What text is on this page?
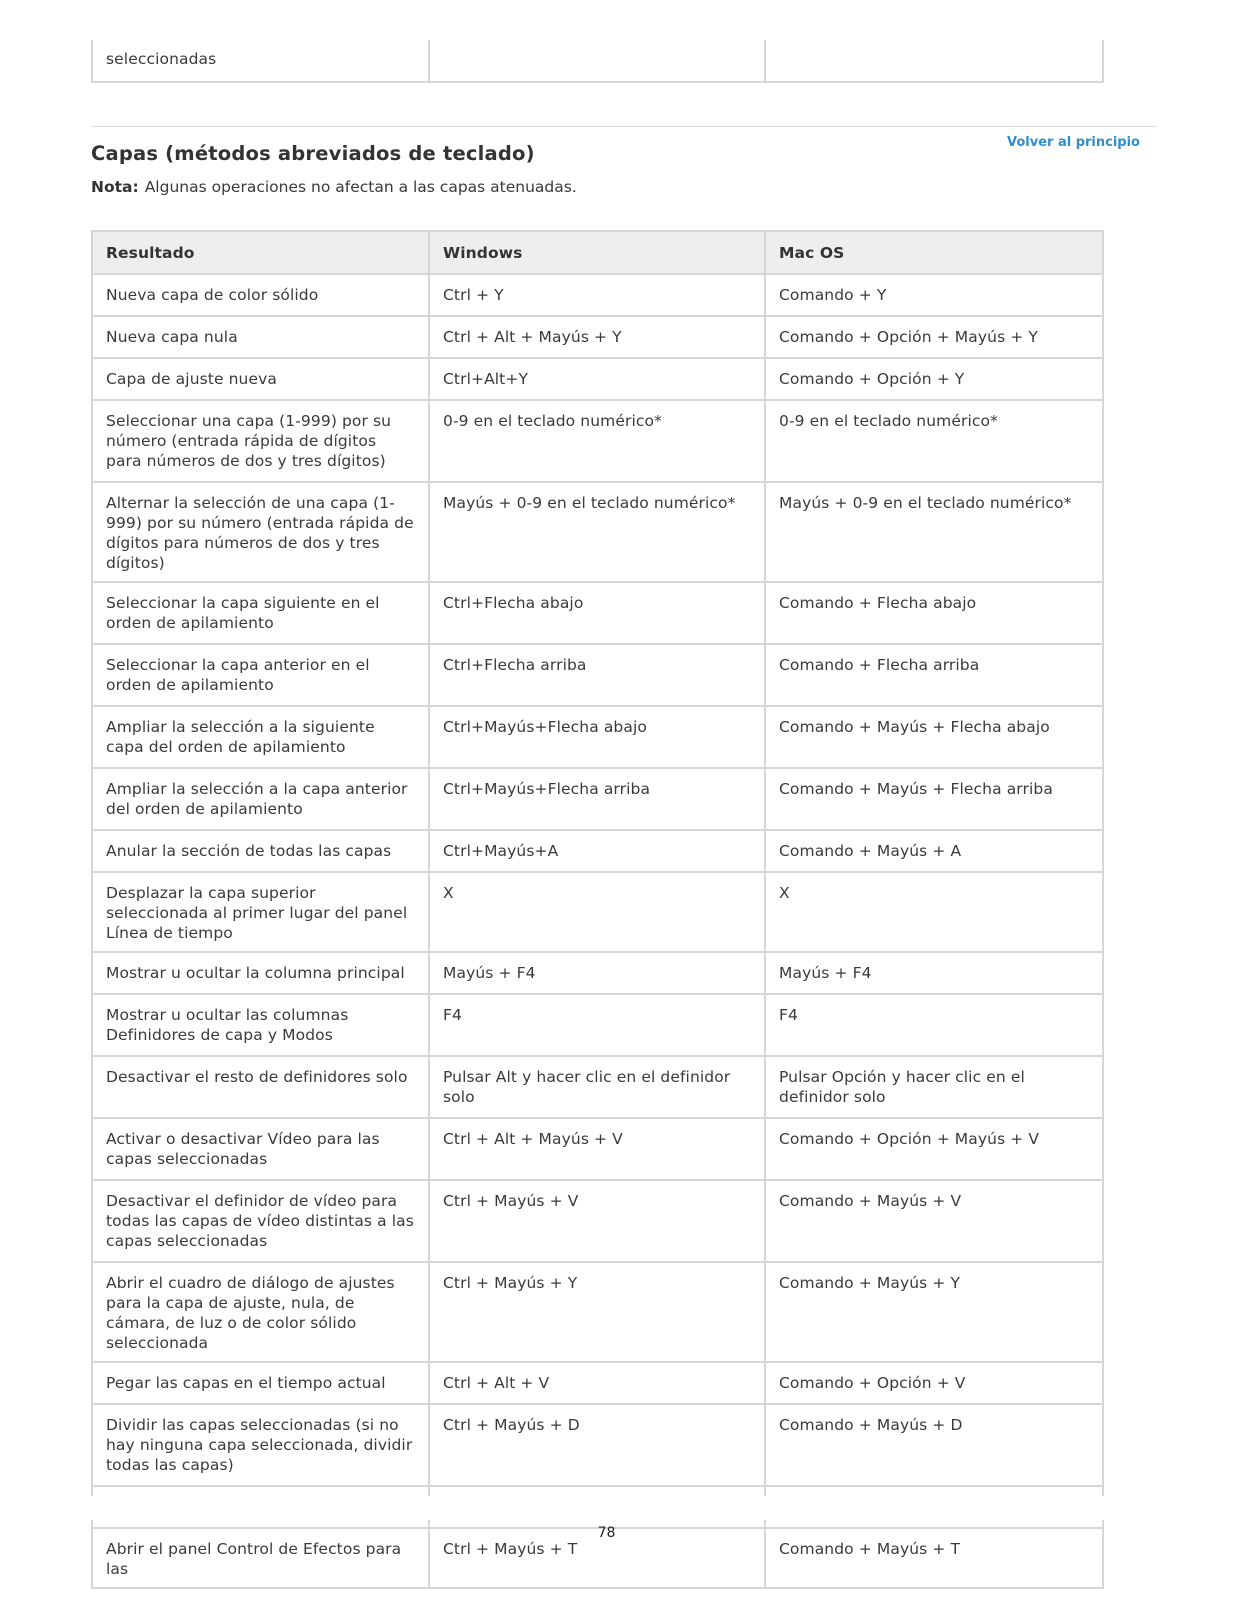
seleccionadas		
Volver al principio
Capas (métodos abreviados de teclado)

Nota: Algunas operaciones no afectan a las capas atenuadas.

Resultado	Windows	Mac OS
Nueva capa de color sólido	Ctrl + Y	Comando + Y
Nueva capa nula	Ctrl + Alt + Mayús + Y	Comando + Opción + Mayús + Y
Capa de ajuste nueva	Ctrl+Alt+Y	Comando + Opción + Y
Seleccionar una capa (1-999) por su número (entrada rápida de dígitos para números de dos y tres dígitos)	0-9 en el teclado numérico*	0-9 en el teclado numérico*
Alternar la selección de una capa (1-999) por su número (entrada rápida de dígitos para números de dos y tres dígitos)	Mayús + 0-9 en el teclado numérico*	Mayús + 0-9 en el teclado numérico*
Seleccionar la capa siguiente en el orden de apilamiento	Ctrl+Flecha abajo	Comando + Flecha abajo
Seleccionar la capa anterior en el orden de apilamiento	Ctrl+Flecha arriba	Comando + Flecha arriba
Ampliar la selección a la siguiente capa del orden de apilamiento	Ctrl+Mayús+Flecha abajo	Comando + Mayús + Flecha abajo
Ampliar la selección a la capa anterior del orden de apilamiento	Ctrl+Mayús+Flecha arriba	Comando + Mayús + Flecha arriba
Anular la sección de todas las capas	Ctrl+Mayús+A	Comando + Mayús + A
Desplazar la capa superior seleccionada al primer lugar del panel Línea de tiempo	X	X
Mostrar u ocultar la columna principal	Mayús + F4	Mayús + F4
Mostrar u ocultar las columnas Definidores de capa y Modos	F4	F4
Desactivar el resto de definidores solo	Pulsar Alt y hacer clic en el definidor solo	Pulsar Opción y hacer clic en el definidor solo
Activar o desactivar Vídeo para las capas seleccionadas	Ctrl + Alt + Mayús + V	Comando + Opción + Mayús + V
Desactivar el definidor de vídeo para todas las capas de vídeo distintas a las capas seleccionadas	Ctrl + Mayús + V	Comando + Mayús + V
Abrir el cuadro de diálogo de ajustes para la capa de ajuste, nula, de cámara, de luz o de color sólido seleccionada	Ctrl + Mayús + Y	Comando + Mayús + Y
Pegar las capas en el tiempo actual	Ctrl + Alt + V	Comando + Opción + V
Dividir las capas seleccionadas (si no hay ninguna capa seleccionada, dividir todas las capas)	Ctrl + Mayús + D	Comando + Mayús + D

Abrir el panel Control de Efectos para las	Ctrl + Mayús + T	Comando + Mayús + T
78
